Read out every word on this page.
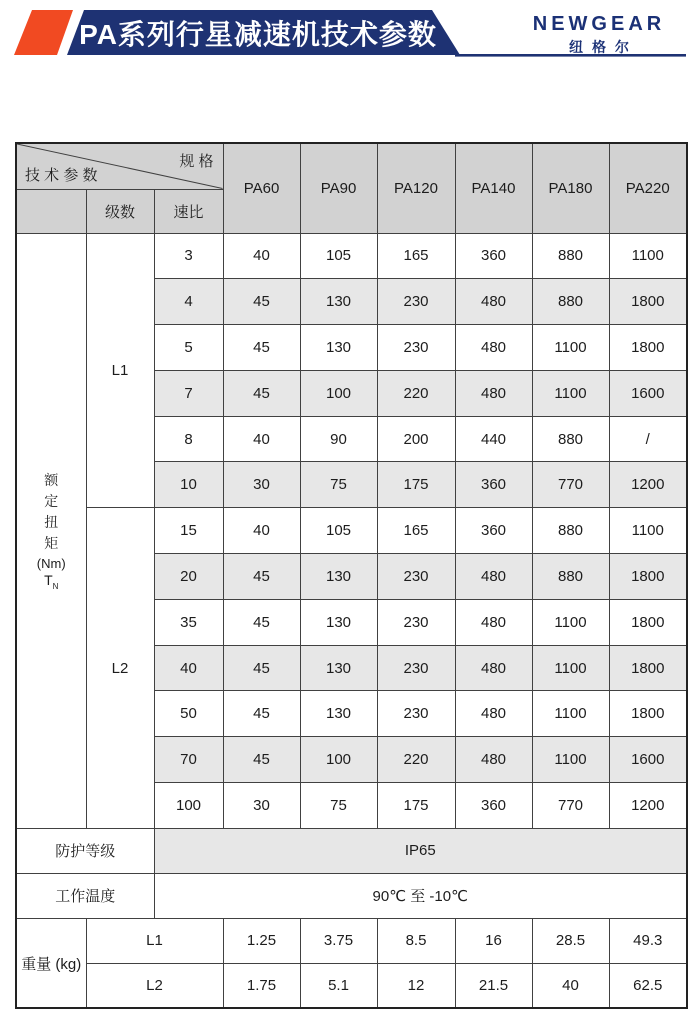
PA系列行星减速机技术参数	NEWGEAR
纽格尔
规 格
技 术 参 数			PA60	PA90	PA120	PA140	PA180	PA220
	级数	速比						

额定扭矩
(Nm)
$T_N$	L1	3	40	105	165	360	880	1100
		4	45	130	230	480	880	1800
		5	45	130	230	480	1100	1800
		7	45	100	220	480	1100	1600
		8	40	90	200	440	880	/
		10	30	75	175	360	770	1200
	L2	15	40	105	165	360	880	1100
		20	45	130	230	480	880	1800
		35	45	130	230	480	1100	1800
		40	45	130	230	480	1100	1800
		50	45	130	230	480	1100	1800
		70	45	100	220	480	1100	1600
		100	30	75	175	360	770	1200
防护等级		IP65						
工作温度		90℃ 至 -10℃						
重量 (kg)	L1		1.25	3.75	8.5	16	28.5	49.3
	L2		1.75	5.1	12	21.5	40	62.5
